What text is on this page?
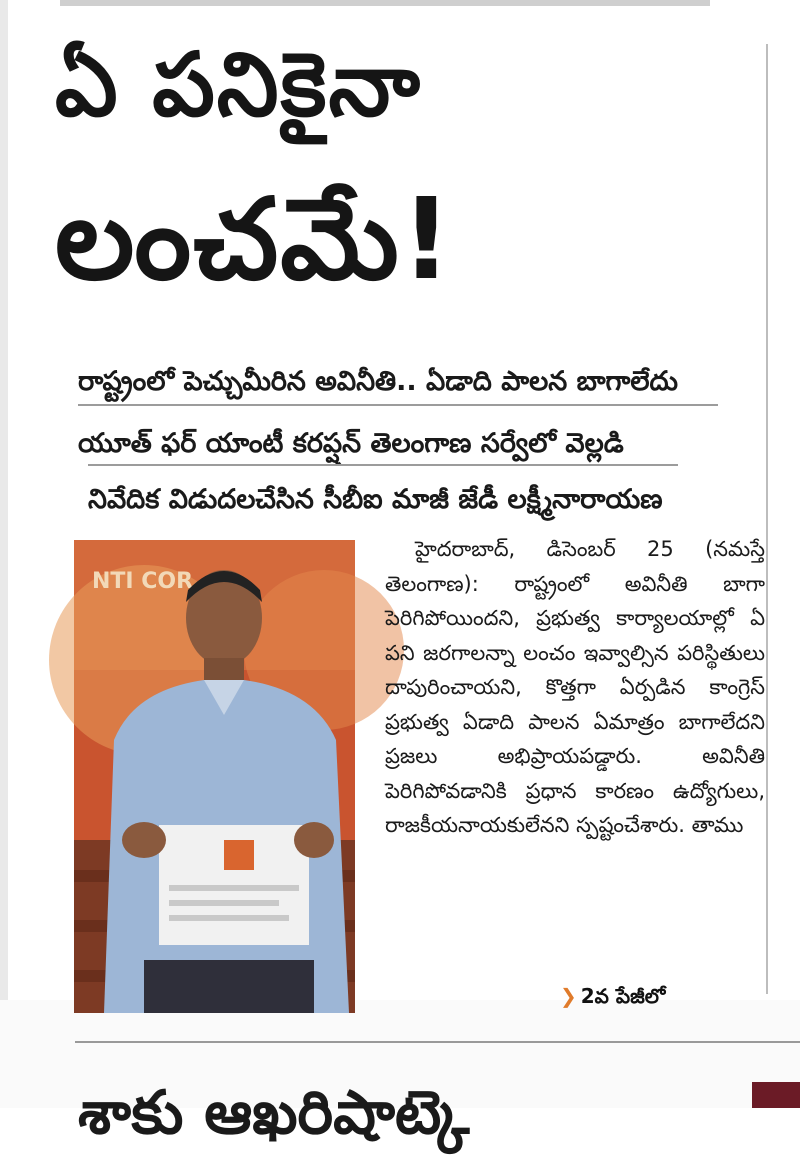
ఏ పనికైనా
లంచమే!
రాష్ట్రంలో పెచ్చుమీరిన అవినీతి.. ఏడాది పాలన బాగాలేదు
యూత్ ఫర్ యాంటీ కరప్షన్ తెలంగాణ సర్వేలో వెల్లడి
నివేదిక విడుదలచేసిన సీబీఐ మాజీ జేడీ లక్ష్మీనారాయణ
NTI COR

హైదరాబాద్, డిసెంబర్ 25 (నమస్తే తెలంగాణ): రాష్ట్రంలో అవినీతి బాగా పెరిగిపోయిందని, ప్రభుత్వ కార్యాలయాల్లో ఏ పని జరగాలన్నా లంచం ఇవ్వాల్సిన పరిస్థితులు దాపురించాయని, కొత్తగా ఏర్పడిన కాంగ్రెస్ ప్రభుత్వ ఏడాది పాలన ఏమాత్రం బాగాలేదని ప్రజలు అభిప్రాయపడ్డారు. అవినీతి పెరిగిపోవడానికి ప్రధాన కారణం ఉద్యోగులు, రాజకీయనాయకులేనని స్పష్టంచేశారు. తాము

❯ 2వ పేజీలో
శాకు ఆఖరిషాట్కె
